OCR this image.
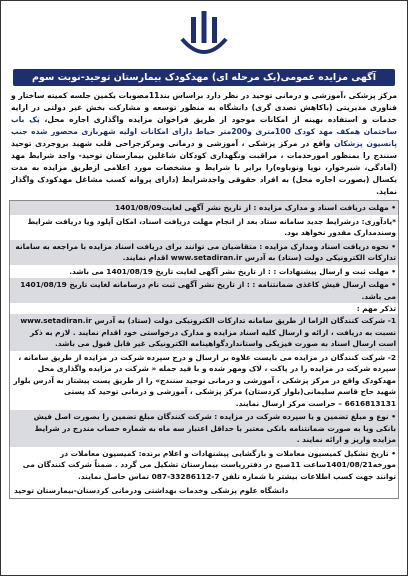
آگهی مزایده عمومی(یک مرحله ای) مهدکودک بیمارستان توحید-نوبت سوم

مرکز پزشکی ،آموزشی و درمانی توحید در نظر دارد براساس بند11مصوبات یکمین جلسه کمیته ساختار و فناوری مدیریتی (باکاهش تصدی گری) دانشگاه به منظور توسعه و مشارکت بخش غیر دولتی در ارایه خدمات و استفاده بهینه از امکانات موجود از طریق فراخوان مزایده واگذاری اجاره محل، یک باب ساختمان همکف مهد کودک 100متری و200متر حیاط دارای امکانات اولیه شهربازی محصور شده جنب پانسیون پزشکان واقع در مرکز پزشکی ، آموزشی و درمانی ومرکزجراحی قلب شهید بروجردی توحید سنندج را بمنظور امورخدمات ، مراقبت ونگهداری کودکان شاغلین بیمارستان توحید- واجد شرایط مهد (آمادگی، شیرخوار، نوپا ونوباوه)را برابر با شرایط و مشخصات مورد اعلامی ازطریق مزایده به مدت یکسال (بصورت اجاره محل) به افراد حقوقی واجدشرایط (دارای پروانه کسب مشاغل مهدکودک واگذار نماید.

• مهلت دریافت اسناد و مدارک مزایده : از تاریخ نشر آگهی لغایت1401/08/09
*یادآوری: درشرایط جدید سامانه ستاد بعد از انجام مهلت دریافت اسناد، امکان آپلود ویا دریافت شرایط وسندمدارک مقدور نخواهد بود.
• نحوه دریافت اسناد ومدارک مزایده : متقاضیان می توانند برای دریافت اسناد مزایده با مراجعه به سامانه تدارکات الکترونیکی دولت (ستاد) به آدرس www.setadiran.ir اقدام نمایند.
• مهلت ثبت و ارسال پیشنهادات : : از تاریخ نشر آگهی لغایت تاریخ 1401/08/19 می باشد.
• مهلت ارسال فیش کاغذی ضمانتنامه : : از تاریخ نشر آگهی ثبت نام درسامانه لغایت تاریخ 1401/08/19 می باشد.
تذکر مهم :
1- شرکت کنندگان الزاما از طریق سامانه تدارکات الکترونیکی دولت (ستاد) به آدرس www.setadiran.ir نسبت به دریافت ، ارائه و ارسال کلیه اسناد مزایده و مدارک درخواستی خود اقدام نمایند . لازم به ذکر است ارسال اسناد به صورت فیزیکی واستانداردگواهینامه الکترونیکی غیر قابل قبول می باشد.
2- شرکت کنندگان در مزایده می بایست علاوه بر ارسال و درج سپرده شرکت در مزایده از طریق سامانه ، سپرده شرکت در مزایده را در پاکت ، لاک ومهر شده و با قید جمله « شرکت در مزایده واگذاری محل مهدکودک واقع در مرکز پزشکی ، آموزشی و درمانی توحید سنندج» را از طریق پست پیشتاز به آدرس بلوار شهید حاج قاسم سلیمانی(بلوار کردستان) مرکز پزشکی ، آموزشی و درمانی توحید کد پستی 6616813131 – حراست مرکز ارسال نمایند.
• نوع و مبلغ تضمین و یا سپرده شرکت در مزایده : شرکت کنندگان مبلغ تضمین را بصورت اصل فیش بانکی ویا به صورت ضمانتنامه بانکی معتبر با حداقل اعتبار سه ماه به شماره حساب مندرج در شرایط مزایده واریز و ارائه نمایند .
• تاریخ تشکیل کمیسیون معاملات و بازگشایی پیشنهادات و اعلام برنده: کمیسیون معاملات در مورخه1401/08/21ساعت 11صبح در دفترریاست بیمارستان تشکیل می گردد . ضمناً شرکت کنندگان می توانند جهت کسب اطلاعات بیشتر با شماره تلفن 7-33286112-087 تماس حاصل نمایند.
دانشگاه علوم پزشکی وخدمات بهداشتی ودرمانی کردستان-بیمارستان توحید
